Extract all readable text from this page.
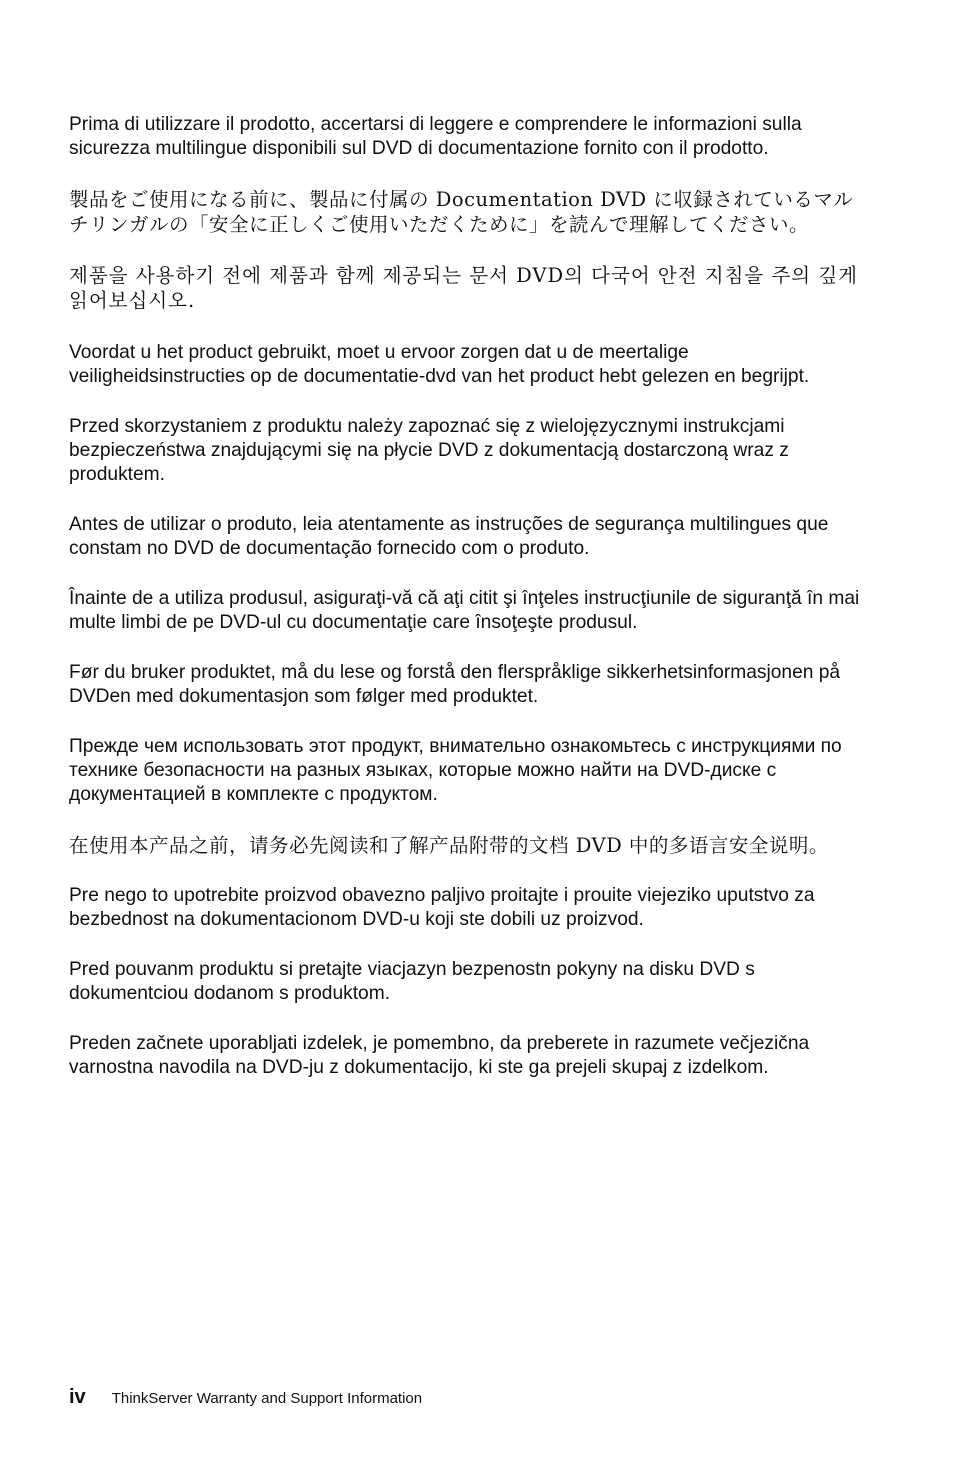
Prima di utilizzare il prodotto, accertarsi di leggere e comprendere le informazioni sulla sicurezza multilingue disponibili sul DVD di documentazione fornito con il prodotto.

製品をご使用になる前に、製品に付属の Documentation DVD に収録されているマルチリンガルの「安全に正しくご使用いただくために」を読んで理解してください。

제품을 사용하기 전에 제품과 함께 제공되는 문서 DVD의 다국어 안전 지침을 주의 깊게 읽어보십시오.

Voordat u het product gebruikt, moet u ervoor zorgen dat u de meertalige veiligheidsinstructies op de documentatie-dvd van het product hebt gelezen en begrijpt.

Przed skorzystaniem z produktu należy zapoznać się z wielojęzycznymi instrukcjami bezpieczeństwa znajdującymi się na płycie DVD z dokumentacją dostarczoną wraz z produktem.

Antes de utilizar o produto, leia atentamente as instruções de segurança multilingues que constam no DVD de documentação fornecido com o produto.

Înainte de a utiliza produsul, asiguraţi-vă că aţi citit şi înţeles instrucţiunile de siguranţă în mai multe limbi de pe DVD-ul cu documentaţie care însoţeşte produsul.

Før du bruker produktet, må du lese og forstå den flerspråklige sikkerhetsinformasjonen på DVDen med dokumentasjon som følger med produktet.

Прежде чем использовать этот продукт, внимательно ознакомьтесь с инструкциями по технике безопасности на разных языках, которые можно найти на DVD-диске с документацией в комплекте с продуктом.

在使用本产品之前，请务必先阅读和了解产品附带的文档 DVD 中的多语言安全说明。

Pre nego to upotrebite proizvod obavezno paljivo proitajte i prouite viejeziko uputstvo za bezbednost na dokumentacionom DVD-u koji ste dobili uz proizvod.

Pred pouvanm produktu si pretajte viacjazyn bezpenostn pokyny na disku DVD s dokumentciou dodanom s produktom.

Preden začnete uporabljati izdelek, je pomembno, da preberete in razumete večjezična varnostna navodila na DVD-ju z dokumentacijo, ki ste ga prejeli skupaj z izdelkom.

iv ThinkServer Warranty and Support Information
